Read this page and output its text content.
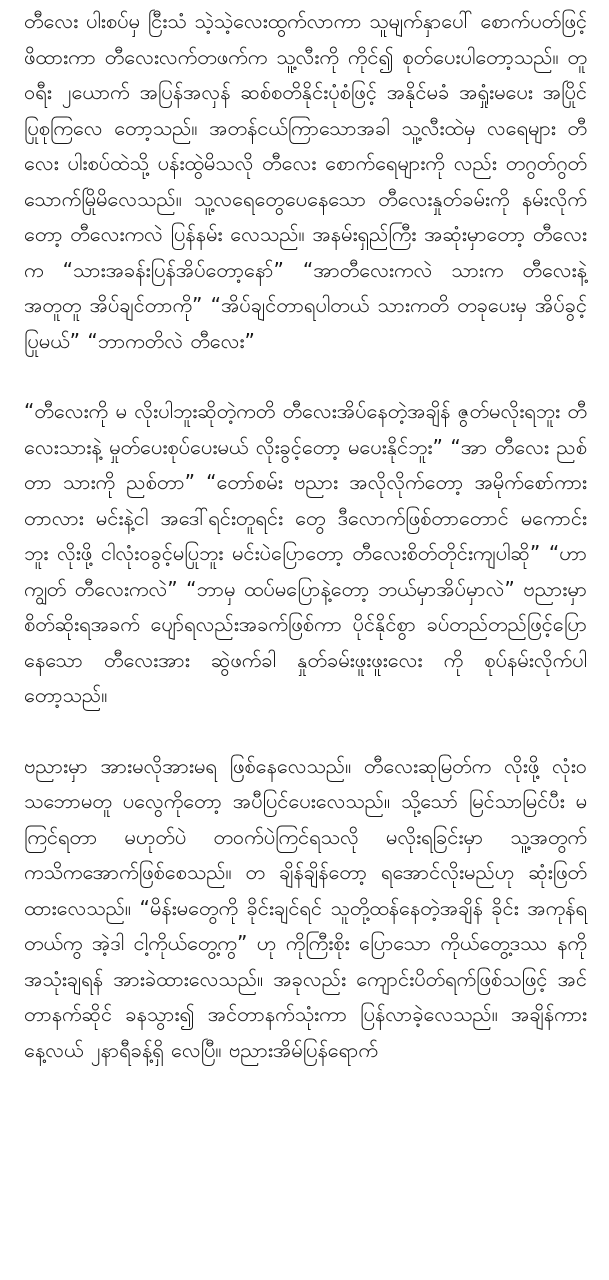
တီလေး ပါးစပ်မှ ငြီးသံ သဲ့သဲ့လေးထွက်လာကာ သူမျက်နှာပေါ် စောက်ပတ်ဖြင့် ဖိထားကာ တီလေးလက်တဖက်က သူ့လီးကို ကိုင်၍ စုတ်ပေးပါတော့သည်။ တူဝရီး ၂ယောက် အပြန်အလှန် ဆစ်စတိနိုင်းပုံစံဖြင့် အနိုင်မခံ အရှုံးမပေး အပြိုင်ပြုစုကြလေ တော့သည်။ အတန်ငယ်ကြာသောအခါ သူ့လီးထဲမှ လရေများ တီလေး ပါးစပ်ထဲသို့ ပန်းထွဲမိသလို တီလေး စောက်ရေများကို လည်း တဂွတ်ဂွတ်သောက်မြိုမိလေသည်။ သူ့လရေတွေပေနေသော တီလေးနှုတ်ခမ်းကို နမ်းလိုက်တော့ တီလေးကလဲ ပြန်နမ်း လေသည်။ အနမ်းရှည်ကြီး အဆုံးမှာတော့ တီလေးက “သားအခန်းပြန်အိပ်တော့နော်” “အာတီလေးကလဲ သားက တီလေးနဲ့ အတူတူ အိပ်ချင်တာကို” “အိပ်ချင်တာရပါတယ် သားကတိ တခုပေးမှ အိပ်ခွင့်ပြုမယ်” “ဘာကတိလဲ တီလေး”

“တီလေးကို မ လိုးပါဘူးဆိုတဲ့ကတိ တီလေးအိပ်နေတဲ့အချိန် ဇွတ်မလိုးရဘူး တီလေးသားနဲ့ မှုတ်ပေးစုပ်ပေးမယ် လိုးခွင့်တော့ မပေးနိုင်ဘူး” “အာ တီလေး ညစ်တာ သားကို ညစ်တာ” “တော်စမ်း ဗညား အလိုလိုက်တော့ အမိုက်စော်ကားတာလား မင်းနဲ့ငါ အဒေါ်ရင်းတူရင်း တွေ ဒီလောက်ဖြစ်တာတောင် မကောင်းဘူး လိုးဖို့ ငါလုံးဝခွင့်မပြုဘူး မင်းပဲပြောတော့ တီလေးစိတ်တိုင်းကျပါဆို” “ဟာ ကျွတ် တီလေးကလဲ” “ဘာမှ ထပ်မပြောနဲ့တော့ ဘယ်မှာအိပ်မှာလဲ” ဗညားမှာ စိတ်ဆိုးရအခက် ပျော်ရလည်းအခက်ဖြစ်ကာ ပိုင်နိုင်စွာ ခပ်တည်တည်ဖြင့်ပြောနေသော တီလေးအား ဆွဲဖက်ခါ နှုတ်ခမ်းဖူးဖူးလေး ကို စုပ်နမ်းလိုက်ပါတော့သည်။

ဗညားမှာ အားမလိုအားမရ ဖြစ်နေလေသည်။ တီလေးဆုမြတ်က လိုးဖို့ လုံးဝသဘောမတူ ပလွေကိုတော့ အပီပြင်ပေးလေသည်။ သို့သော် မြင်သာမြင်ပီး မကြင်ရတာ မဟုတ်ပဲ တဝက်ပဲကြင်ရသလို မလိုးရခြင်းမှာ သူ့အတွက် ကသိကအောက်ဖြစ်စေသည်။ တ ချိန်ချိန်တော့ ရအောင်လိုးမည်ဟု ဆုံးဖြတ်ထားလေသည်။ “မိန်းမတွေကို ခိုင်းချင်ရင် သူတို့ထန်နေတဲ့အချိန် ခိုင်း အကုန်ရတယ်ကွ အဲ့ဒါ ငါ့ကိုယ်တွေ့ကွ” ဟု ကိုကြီးစိုး ပြောသော ကိုယ်တွေ့ဒဿ နကို အသုံးချရန် အားခဲထားလေသည်။ အခုလည်း ကျောင်းပိတ်ရက်ဖြစ်သဖြင့် အင်တာနက်ဆိုင် ခနသွား၍ အင်တာနက်သုံးကာ ပြန်လာခဲ့လေသည်။ အချိန်ကား နေ့လယ် ၂နာရီခန့်ရှိ လေပြီ။ ဗညားအိမ်ပြန်ရောက်
